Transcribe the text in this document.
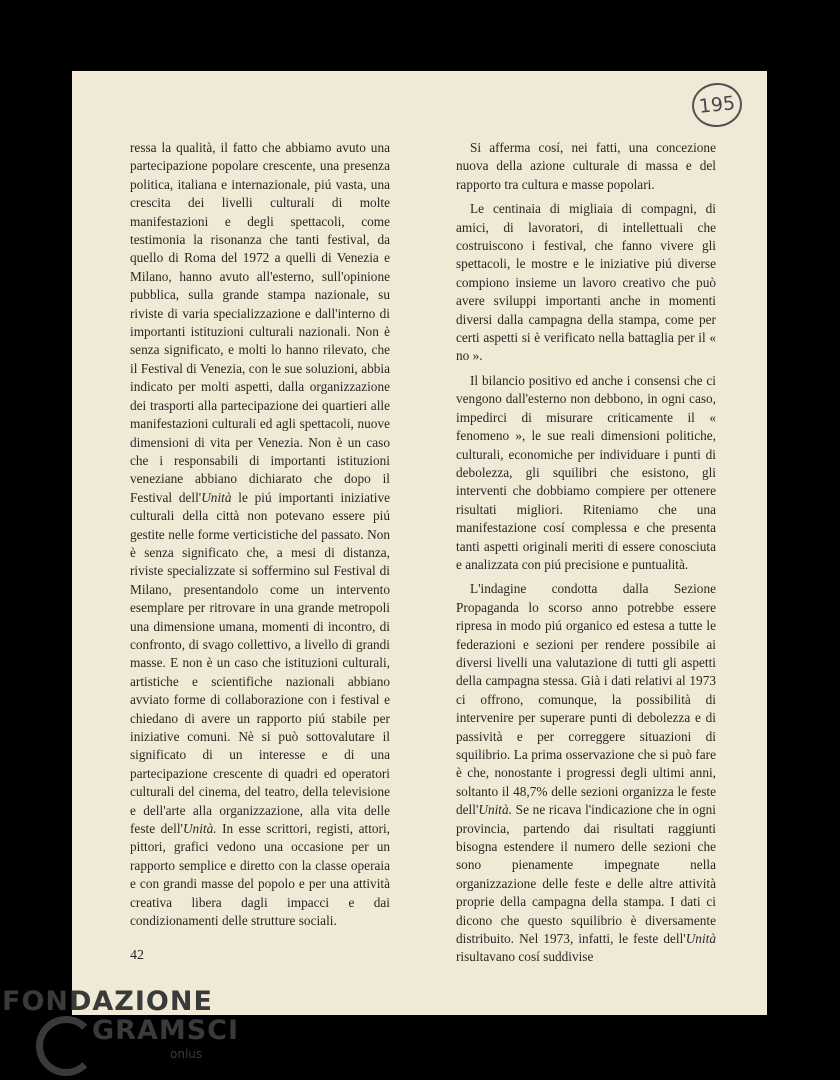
195

ressa la qualità, il fatto che abbiamo avuto una partecipazione popolare crescente, una presenza politica, italiana e internazionale, piú vasta, una crescita dei livelli culturali di molte manifestazioni e degli spettacoli, come testimonia la risonanza che tanti festival, da quello di Roma del 1972 a quelli di Venezia e Milano, hanno avuto all'esterno, sull'opinione pubblica, sulla grande stampa nazionale, su riviste di varia specializzazione e dall'interno di importanti istituzioni culturali nazionali. Non è senza significato, e molti lo hanno rilevato, che il Festival di Venezia, con le sue soluzioni, abbia indicato per molti aspetti, dalla organizzazione dei trasporti alla partecipazione dei quartieri alle manifestazioni culturali ed agli spettacoli, nuove dimensioni di vita per Venezia. Non è un caso che i responsabili di importanti istituzioni veneziane abbiano dichiarato che dopo il Festival dell'Unità le piú importanti iniziative culturali della città non potevano essere piú gestite nelle forme verticistiche del passato. Non è senza significato che, a mesi di distanza, riviste specializzate si soffermino sul Festival di Milano, presentandolo come un intervento esemplare per ritrovare in una grande metropoli una dimensione umana, momenti di incontro, di confronto, di svago collettivo, a livello di grandi masse. E non è un caso che istituzioni culturali, artistiche e scientifiche nazionali abbiano avviato forme di collaborazione con i festival e chiedano di avere un rapporto piú stabile per iniziative comuni. Nè si può sottovalutare il significato di un interesse e di una partecipazione crescente di quadri ed operatori culturali del cinema, del teatro, della televisione e dell'arte alla organizzazione, alla vita delle feste dell'Unità. In esse scrittori, registi, attori, pittori, grafici vedono una occasione per un rapporto semplice e diretto con la classe operaia e con grandi masse del popolo e per una attività creativa libera dagli impacci e dai condizionamenti delle strutture sociali.

Si afferma cosí, nei fatti, una concezione nuova della azione culturale di massa e del rapporto tra cultura e masse popolari.

Le centinaia di migliaia di compagni, di amici, di lavoratori, di intellettuali che costruiscono i festival, che fanno vivere gli spettacoli, le mostre e le iniziative piú diverse compiono insieme un lavoro creativo che può avere sviluppi importanti anche in momenti diversi dalla campagna della stampa, come per certi aspetti si è verificato nella battaglia per il « no ».

Il bilancio positivo ed anche i consensi che ci vengono dall'esterno non debbono, in ogni caso, impedirci di misurare criticamente il « fenomeno », le sue reali dimensioni politiche, culturali, economiche per individuare i punti di debolezza, gli squilibri che esistono, gli interventi che dobbiamo compiere per ottenere risultati migliori. Riteniamo che una manifestazione cosí complessa e che presenta tanti aspetti originali meriti di essere conosciuta e analizzata con piú precisione e puntualità.

L'indagine condotta dalla Sezione Propaganda lo scorso anno potrebbe essere ripresa in modo piú organico ed estesa a tutte le federazioni e sezioni per rendere possibile ai diversi livelli una valutazione di tutti gli aspetti della campagna stessa. Già i dati relativi al 1973 ci offrono, comunque, la possibilità di intervenire per superare punti di debolezza e di passività e per correggere situazioni di squilibrio. La prima osservazione che si può fare è che, nonostante i progressi degli ultimi anni, soltanto il 48,7% delle sezioni organizza le feste dell'Unità. Se ne ricava l'indicazione che in ogni provincia, partendo dai risultati raggiunti bisogna estendere il numero delle sezioni che sono pienamente impegnate nella organizzazione delle feste e delle altre attività proprie della campagna della stampa. I dati ci dicono che questo squilibrio è diversamente distribuito. Nel 1973, infatti, le feste dell'Unità risultavano cosí suddivise

42
FONDAZIONE
GRAMSCI
onlus
